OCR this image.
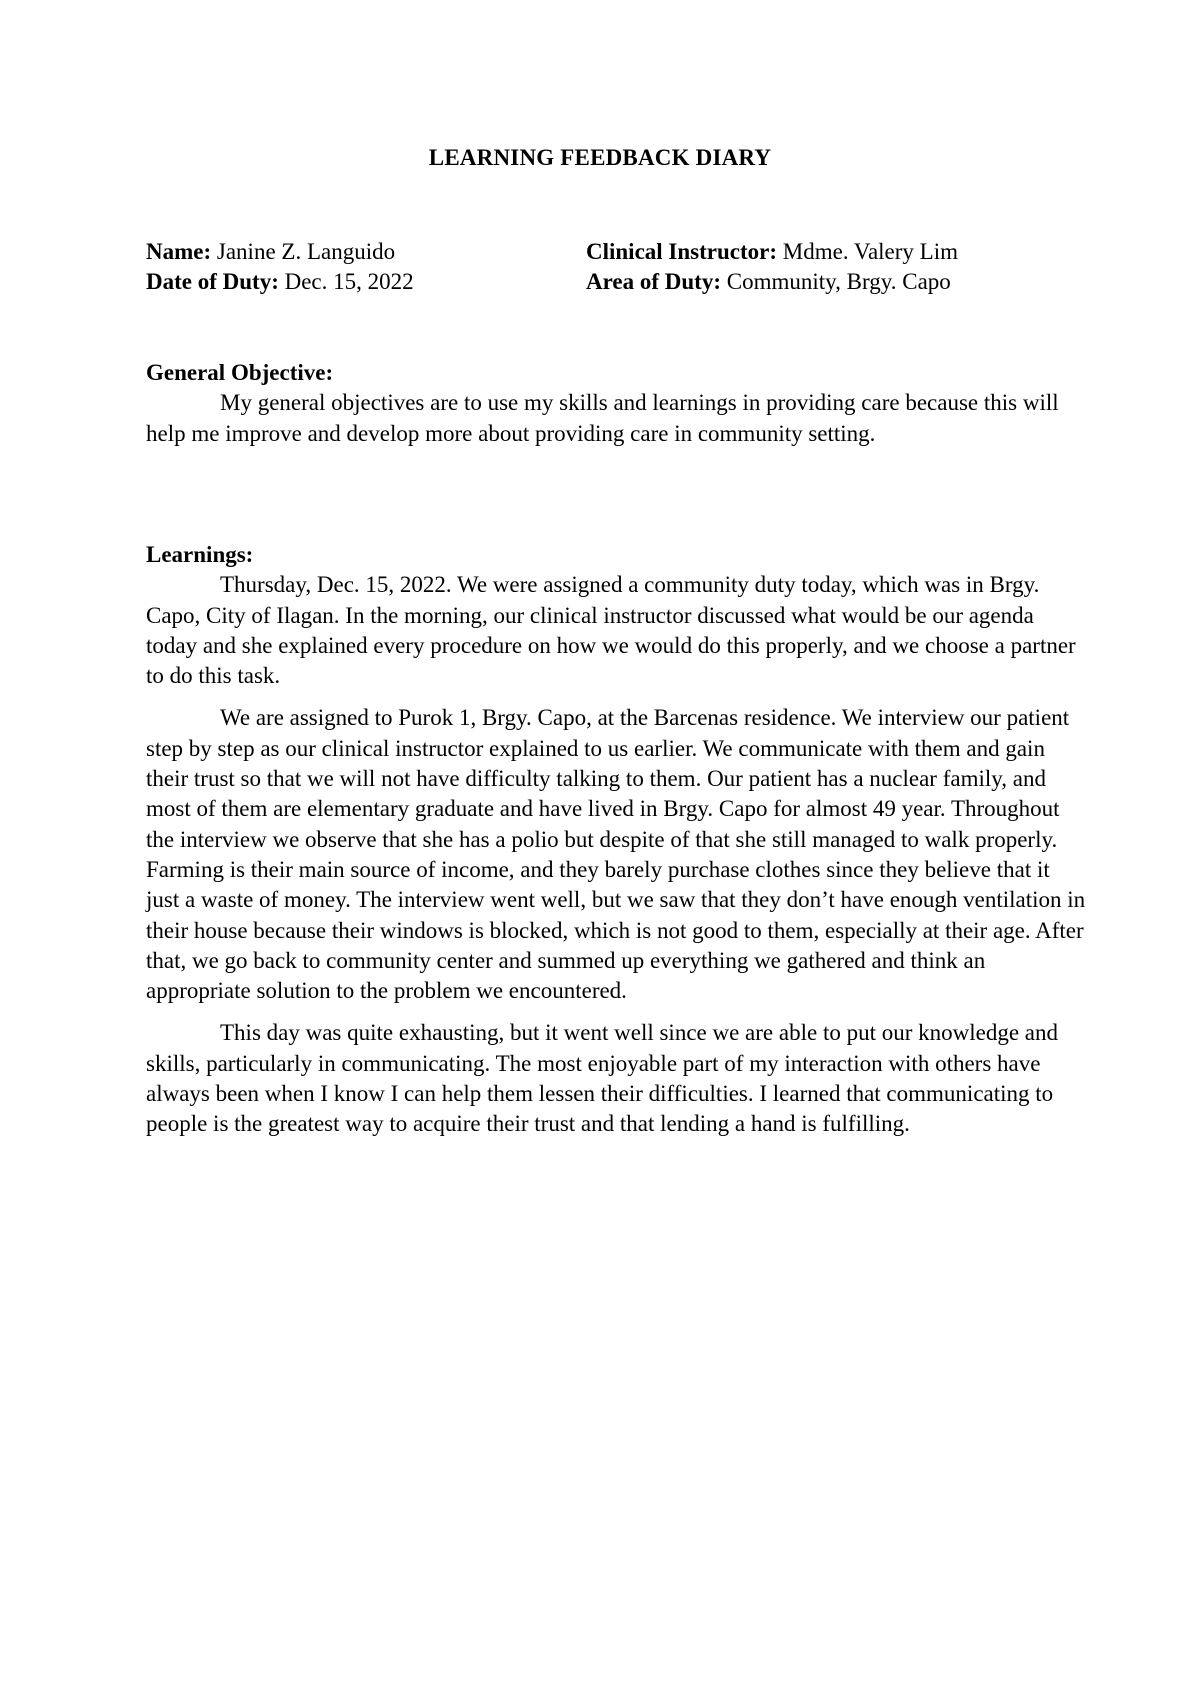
LEARNING FEEDBACK DIARY
Name: Janine Z. Languido	Clinical Instructor: Mdme. Valery Lim
Date of Duty: Dec. 15, 2022	Area of Duty: Community, Brgy. Capo

General Objective:

My general objectives are to use my skills and learnings in providing care because this will help me improve and develop more about providing care in community setting.

Learnings:

Thursday, Dec. 15, 2022. We were assigned a community duty today, which was in Brgy. Capo, City of Ilagan. In the morning, our clinical instructor discussed what would be our agenda today and she explained every procedure on how we would do this properly, and we choose a partner to do this task.

We are assigned to Purok 1, Brgy. Capo, at the Barcenas residence. We interview our patient step by step as our clinical instructor explained to us earlier. We communicate with them and gain their trust so that we will not have difficulty talking to them. Our patient has a nuclear family, and most of them are elementary graduate and have lived in Brgy. Capo for almost 49 year. Throughout the interview we observe that she has a polio but despite of that she still managed to walk properly. Farming is their main source of income, and they barely purchase clothes since they believe that it just a waste of money. The interview went well, but we saw that they don’t have enough ventilation in their house because their windows is blocked, which is not good to them, especially at their age. After that, we go back to community center and summed up everything we gathered and think an appropriate solution to the problem we encountered.

This day was quite exhausting, but it went well since we are able to put our knowledge and skills, particularly in communicating. The most enjoyable part of my interaction with others have always been when I know I can help them lessen their difficulties. I learned that communicating to people is the greatest way to acquire their trust and that lending a hand is fulfilling.
